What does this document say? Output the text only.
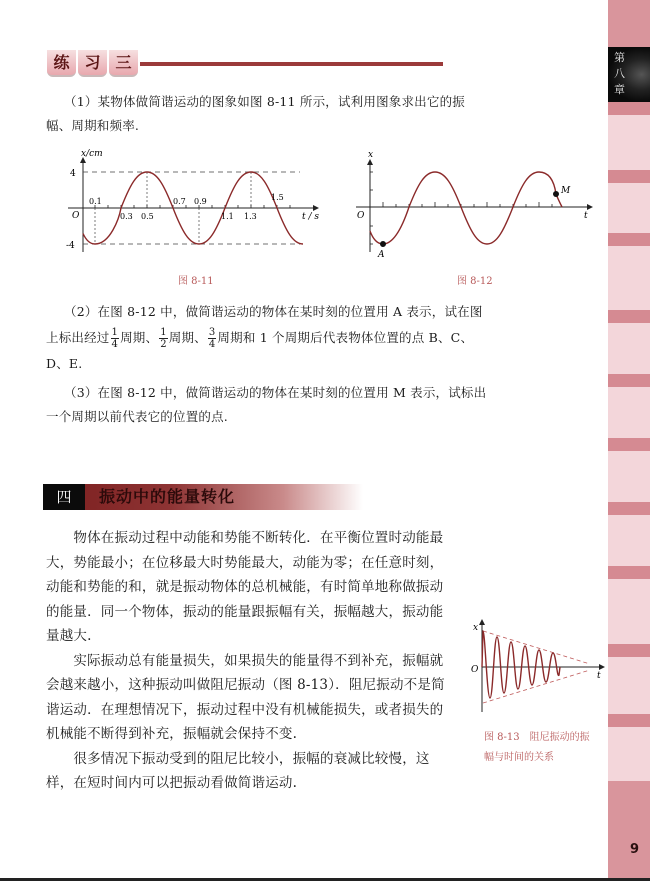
第
八
章
9
练 习 三
（1）某物体做简谐运动的图象如图 8-11 所示，试利用图象求出它的振
幅、周期和频率.
x/cm
4
-4
O
0.1	0.7 0.9	1.5
0.3 0.5	1.1 1.3	t / s
图 8-11
x
O
A
M
t
图 8-12
（2）在图 8-12 中，做简谐运动的物体在某时刻的位置用 A 表示，试在图
上标出经过 $\frac{1}{4}$ 周期、 $\frac{1}{2}$ 周期、 $\frac{3}{4}$ 周期和 1 个周期后代表物体位置的点 B、C、
D、E.
（3）在图 8-12 中，做简谐运动的物体在某时刻的位置用 M 表示，试标出
一个周期以前代表它的位置的点.
四	振动中的能量转化
　　物体在振动过程中动能和势能不断转化．在平衡位置时动能最
大，势能最小；在位移最大时势能最大，动能为零；在任意时刻，
动能和势能的和，就是振动物体的总机械能，有时简单地称做振动
的能量．同一个物体，振动的能量跟振幅有关，振幅越大，振动能
量越大.
　　实际振动总有能量损失，如果损失的能量得不到补充，振幅就
会越来越小，这种振动叫做阻尼振动（图 8-13）．阻尼振动不是简
谐运动．在理想情况下，振动过程中没有机械能损失，或者损失的
机械能不断得到补充，振幅就会保持不变.
　　很多情况下振动受到的阻尼比较小，振幅的衰减比较慢，这
样，在短时间内可以把振动看做简谐运动.
x
O
t
图 8-13　阻尼振动的振
幅与时间的关系
